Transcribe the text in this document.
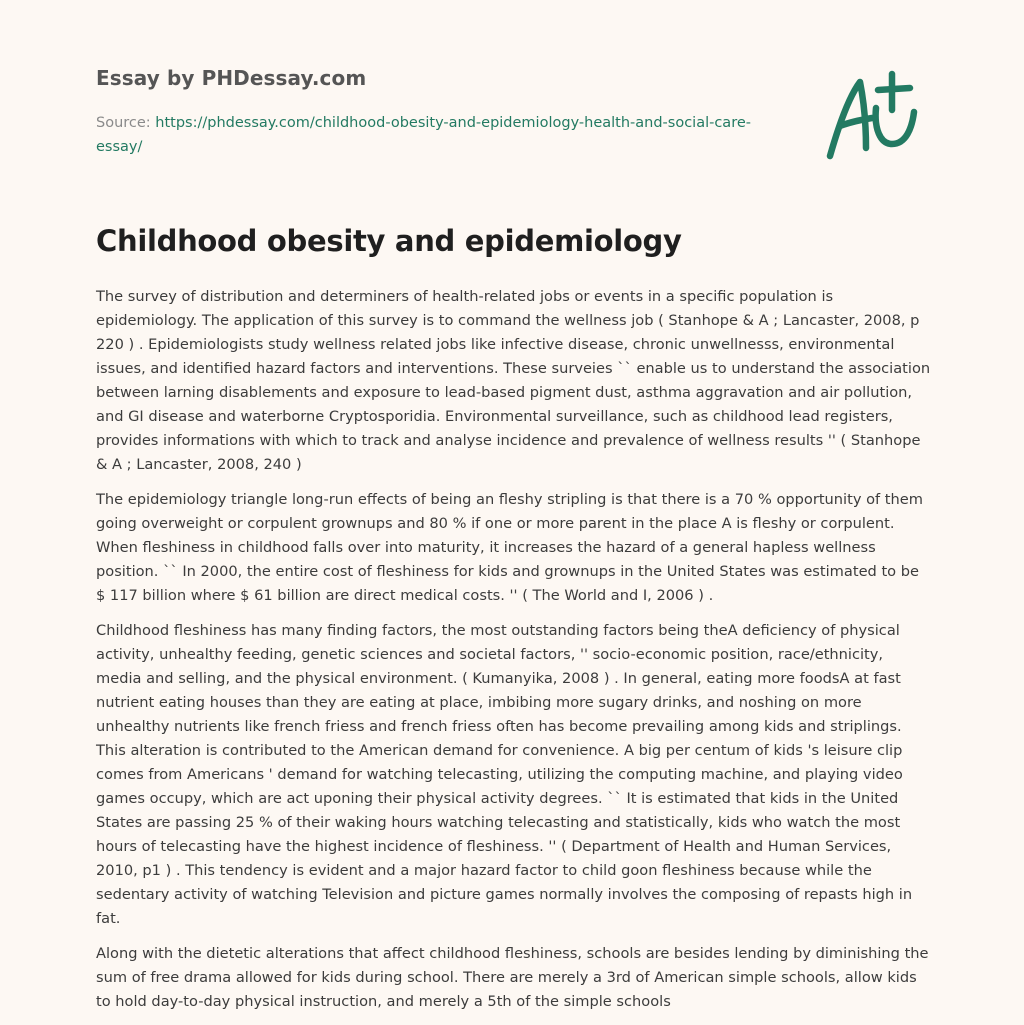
Essay by PHDessay.com
Source: https://phdessay.com/childhood-obesity-and-epidemiology-health-and-social-care-essay/
Childhood obesity and epidemiology

The survey of distribution and determiners of health-related jobs or events in a specific population is epidemiology. The application of this survey is to command the wellness job ( Stanhope & A ; Lancaster, 2008, p 220 ) . Epidemiologists study wellness related jobs like infective disease, chronic unwellnesss, environmental issues, and identified hazard factors and interventions. These surveies `` enable us to understand the association between larning disablements and exposure to lead-based pigment dust, asthma aggravation and air pollution, and GI disease and waterborne Cryptosporidia. Environmental surveillance, such as childhood lead registers, provides informations with which to track and analyse incidence and prevalence of wellness results '' ( Stanhope & A ; Lancaster, 2008, 240 )

The epidemiology triangle long-run effects of being an fleshy stripling is that there is a 70 % opportunity of them going overweight or corpulent grownups and 80 % if one or more parent in the place A is fleshy or corpulent. When fleshiness in childhood falls over into maturity, it increases the hazard of a general hapless wellness position. `` In 2000, the entire cost of fleshiness for kids and grownups in the United States was estimated to be $ 117 billion where $ 61 billion are direct medical costs. '' ( The World and I, 2006 ) .

Childhood fleshiness has many finding factors, the most outstanding factors being theA deficiency of physical activity, unhealthy feeding, genetic sciences and societal factors, '' socio-economic position, race/ethnicity, media and selling, and the physical environment. ( Kumanyika, 2008 ) . In general, eating more foodsA at fast nutrient eating houses than they are eating at place, imbibing more sugary drinks, and noshing on more unhealthy nutrients like french friess and french friess often has become prevailing among kids and striplings. This alteration is contributed to the American demand for convenience. A big per centum of kids 's leisure clip comes from Americans ' demand for watching telecasting, utilizing the computing machine, and playing video games occupy, which are act uponing their physical activity degrees. `` It is estimated that kids in the United States are passing 25 % of their waking hours watching telecasting and statistically, kids who watch the most hours of telecasting have the highest incidence of fleshiness. '' ( Department of Health and Human Services, 2010, p1 ) . This tendency is evident and a major hazard factor to child goon fleshiness because while the sedentary activity of watching Television and picture games normally involves the composing of repasts high in fat.

Along with the dietetic alterations that affect childhood fleshiness, schools are besides lending by diminishing the sum of free drama allowed for kids during school. There are merely a 3rd of American simple schools, allow kids to hold day-to-day physical instruction, and merely a 5th of the simple schools
